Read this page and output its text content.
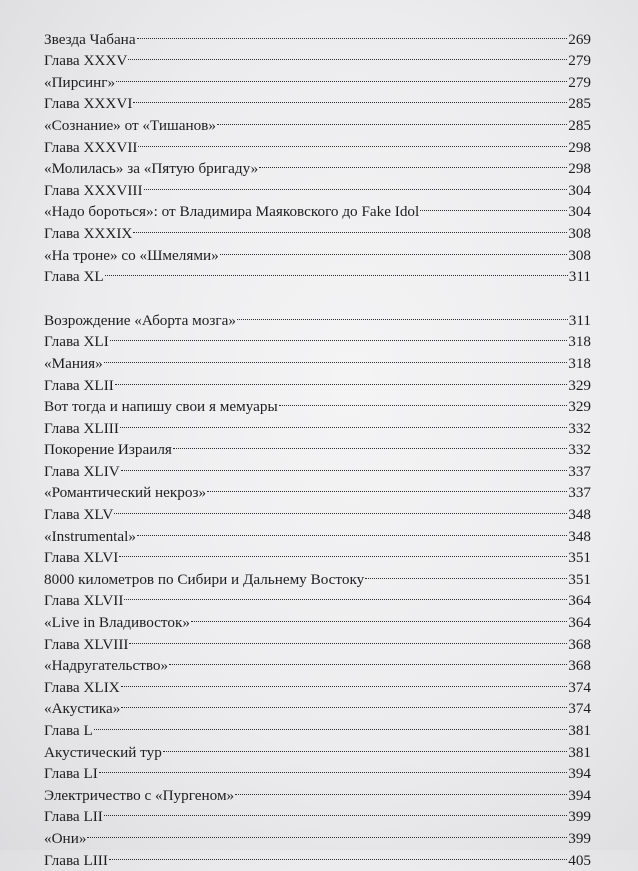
Звезда Чабана	269
Глава XXXV	279
«Пирсинг»	279
Глава XXXVI	285
«Сознание» от «Тишанов»	285
Глава XXXVII	298
«Молилась» за «Пятую бригаду»	298
Глава XXXVIII	304
«Надо бороться»: от Владимира Маяковского до Fake Idol	304
Глава XXXIX	308
«На троне» со «Шмелями»	308
Глава XL	311
Возрождение «Аборта мозга»	311
Глава XLI	318
«Мания»	318
Глава XLII	329
Вот тогда и напишу свои я мемуары	329
Глава XLIII	332
Покорение Израиля	332
Глава XLIV	337
«Романтический некроз»	337
Глава XLV	348
«Instrumental»	348
Глава XLVI	351
8000 километров по Сибири и Дальнему Востоку	351
Глава XLVII	364
«Live in Владивосток»	364
Глава XLVIII	368
«Надругательство»	368
Глава XLIX	374
«Акустика»	374
Глава L	381
Акустический тур	381
Глава LI	394
Электричество с «Пургеном»	394
Глава LII	399
«Они»	399
Глава LIII	405
